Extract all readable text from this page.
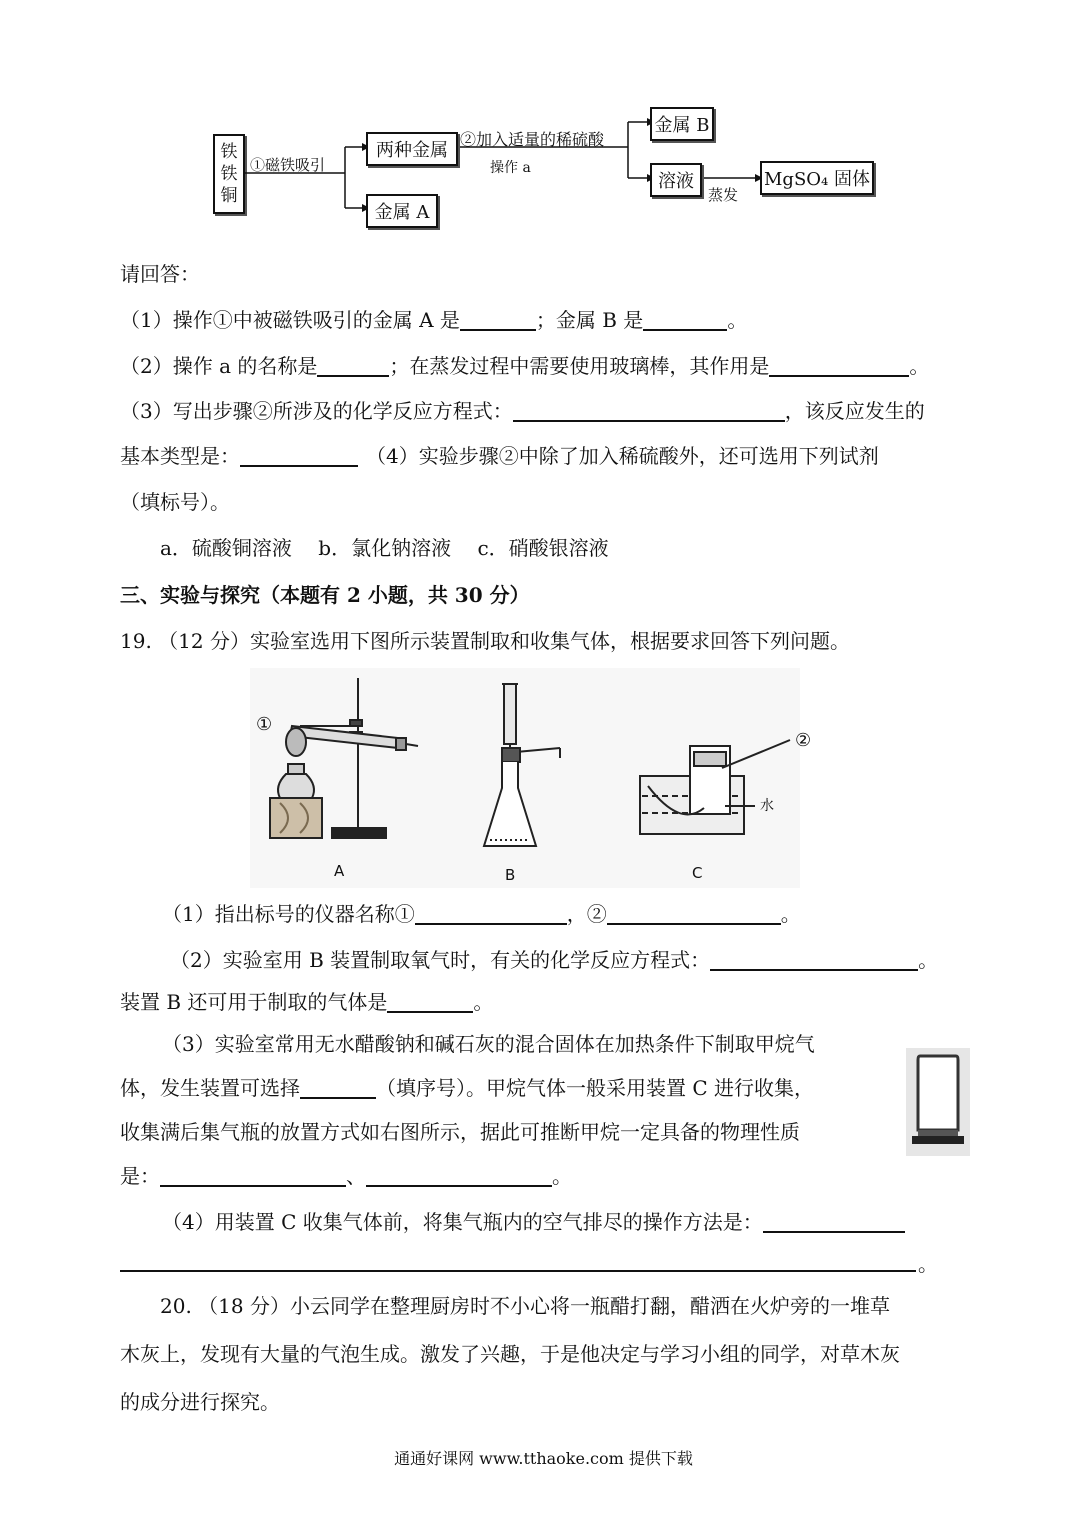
铁
铁
铜
①磁铁吸引
两种金属
金属 A
②加入适量的稀硫酸
操作 a
金属 B
溶液
蒸发
MgSO₄ 固体
请回答：
（1）操作①中被磁铁吸引的金属 A 是	；金属 B 是	。
（2）操作 a 的名称是	；在蒸发过程中需要使用玻璃棒，其作用是	。
（3）写出步骤②所涉及的化学反应方程式：	，该反应发生的
基本类型是：	（4）实验步骤②中除了加入稀硫酸外，还可选用下列试剂
（填标号）。
a．硫酸铜溶液　 b．氯化钠溶液　 c．硝酸银溶液
三、实验与探究（本题有 2 小题，共 30 分）
19. （12 分）实验室选用下图所示装置制取和收集气体，根据要求回答下列问题。
①
②
水
A	B	C
（1）指出标号的仪器名称①	，②	。
（2）实验室用 B 装置制取氧气时，有关的化学反应方程式：	。
装置 B 还可用于制取的气体是	。
（3）实验室常用无水醋酸钠和碱石灰的混合固体在加热条件下制取甲烷气
体，发生装置可选择	（填序号）。甲烷气体一般采用装置 C 进行收集，
收集满后集气瓶的放置方式如右图所示，据此可推断甲烷一定具备的物理性质
是：	、	。
（4）用装置 C 收集气体前，将集气瓶内的空气排尽的操作方法是：
。
20. （18 分）小云同学在整理厨房时不小心将一瓶醋打翻，醋洒在火炉旁的一堆草
木灰上，发现有大量的气泡生成。激发了兴趣，于是他决定与学习小组的同学，对草木灰
的成分进行探究。
通通好课网 www.tthaoke.com 提供下载
